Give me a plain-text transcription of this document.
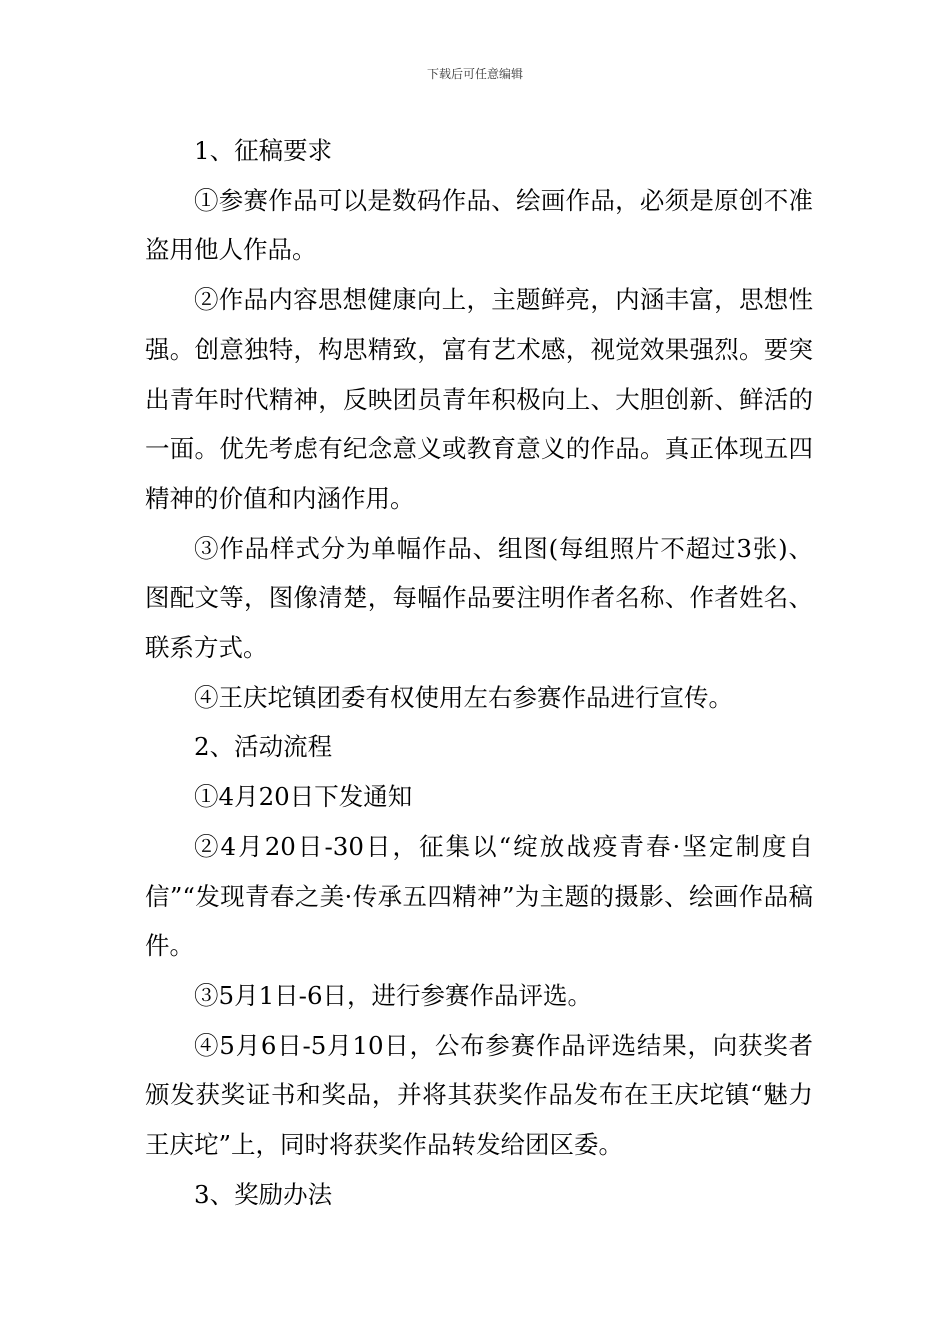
下载后可任意编辑

1、征稿要求

①参赛作品可以是数码作品、绘画作品，必须是原创不准盗用他人作品。

②作品内容思想健康向上，主题鲜亮，内涵丰富，思想性强。创意独特，构思精致，富有艺术感，视觉效果强烈。要突出青年时代精神，反映团员青年积极向上、大胆创新、鲜活的一面。优先考虑有纪念意义或教育意义的作品。真正体现五四精神的价值和内涵作用。

③作品样式分为单幅作品、组图(每组照片不超过3张)、图配文等，图像清楚，每幅作品要注明作者名称、作者姓名、联系方式。

④王庆坨镇团委有权使用左右参赛作品进行宣传。

2、活动流程

①4月20日下发通知

②4月20日-30日，征集以“绽放战疫青春·坚定制度自信”“发现青春之美·传承五四精神”为主题的摄影、绘画作品稿件。

③5月1日-6日，进行参赛作品评选。

④5月6日-5月10日，公布参赛作品评选结果，向获奖者颁发获奖证书和奖品，并将其获奖作品发布在王庆坨镇“魅力王庆坨”上，同时将获奖作品转发给团区委。

3、奖励办法
